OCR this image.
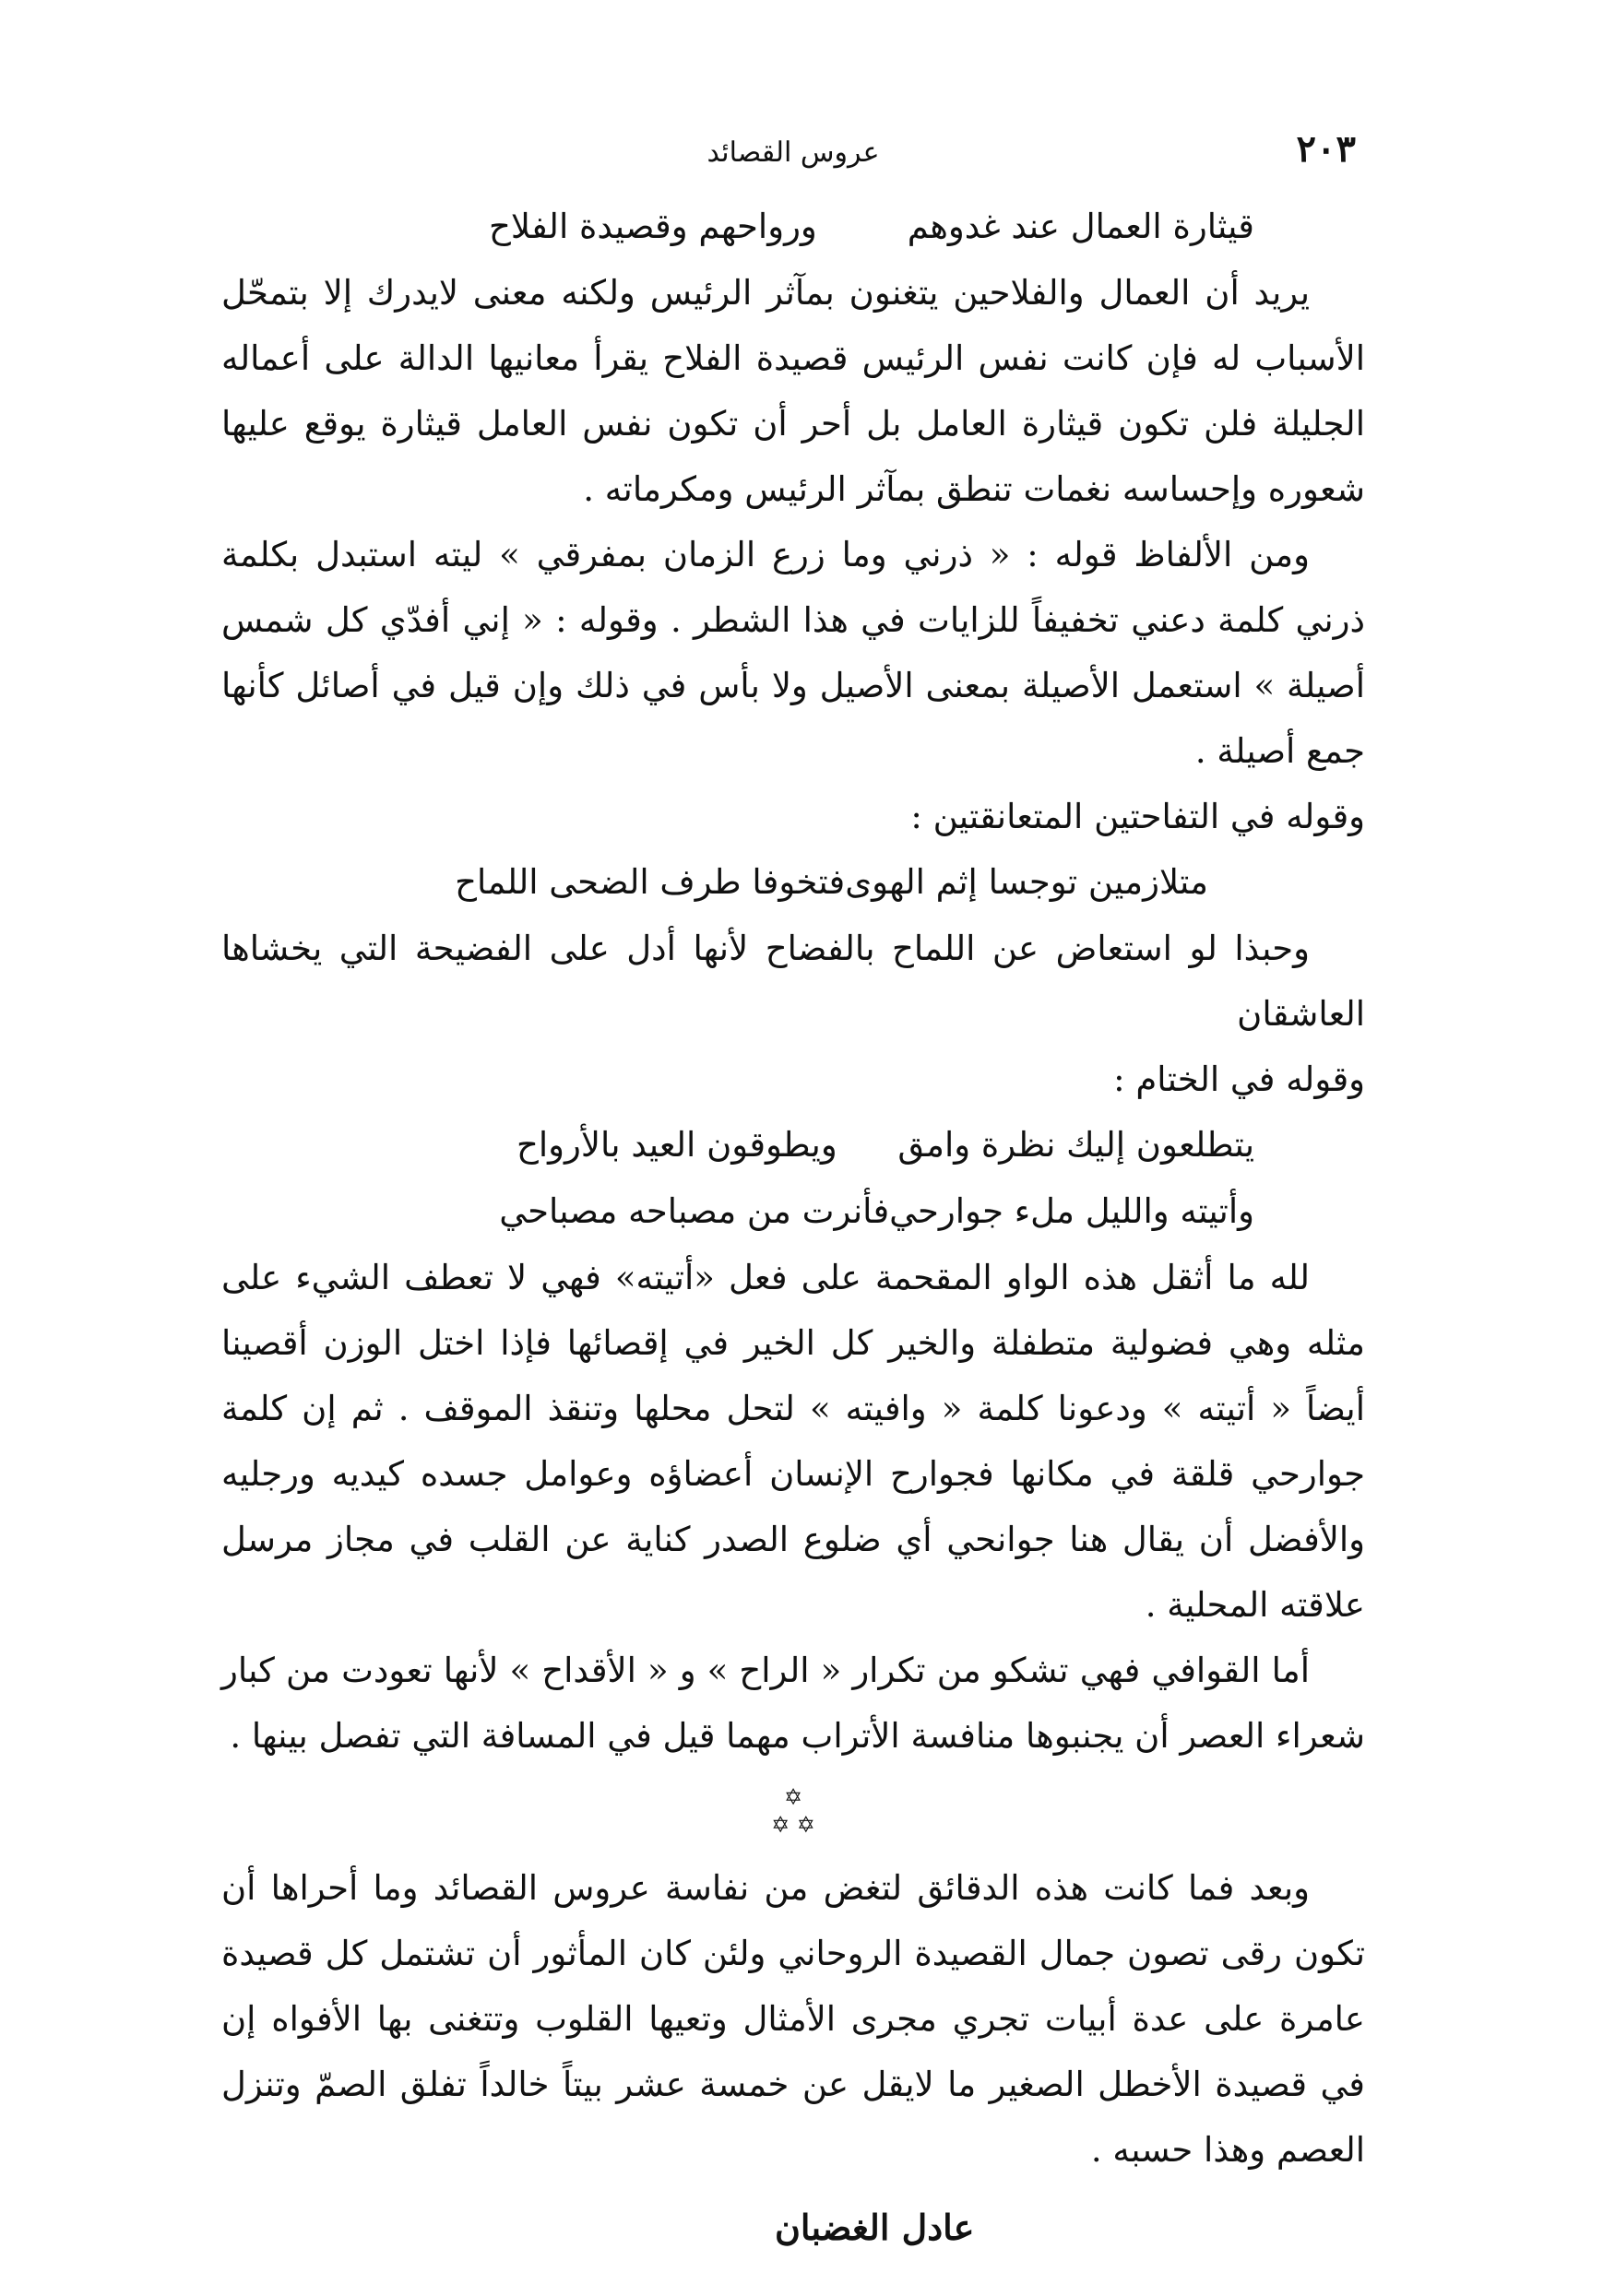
٢٠٣
عروس القصائد
قيثارة العمال عند غدوهم
ورواحهم وقصيدة الفلاح

يريد أن العمال والفلاحين يتغنون بمآثر الرئيس ولكنه معنى لايدرك إلا بتمحّل الأسباب له فإن كانت نفس الرئيس قصيدة الفلاح يقرأ معانيها الدالة على أعماله الجليلة فلن تكون قيثارة العامل بل أحر أن تكون نفس العامل قيثارة يوقع عليها شعوره وإحساسه نغمات تنطق بمآثر الرئيس ومكرماته .

ومن الألفاظ قوله : « ذرني وما زرع الزمان بمفرقي » ليته استبدل بكلمة ذرني كلمة دعني تخفيفاً للزايات في هذا الشطر . وقوله : « إني أفدّي كل شمس أصيلة » استعمل الأصيلة بمعنى الأصيل ولا بأس في ذلك وإن قيل في أصائل كأنها جمع أصيلة .

وقوله في التفاحتين المتعانقتين :

متلازمين توجسا إثم الهوى
فتخوفا طرف الضحى اللماح

وحبذا لو استعاض عن اللماح بالفضاح لأنها أدل على الفضيحة التي يخشاها العاشقان

وقوله في الختام :

يتطلعون إليك نظرة وامق
ويطوقون العيد بالأرواح
وأتيته والليل ملء جوارحي
فأنرت من مصباحه مصباحي

لله ما أثقل هذه الواو المقحمة على فعل «أتيته» فهي لا تعطف الشيء على مثله وهي فضولية متطفلة والخير كل الخير في إقصائها فإذا اختل الوزن أقصينا أيضاً « أتيته » ودعونا كلمة « وافيته » لتحل محلها وتنقذ الموقف . ثم إن كلمة جوارحي قلقة في مكانها فجوارح الإنسان أعضاؤه وعوامل جسده كيديه ورجليه والأفضل أن يقال هنا جوانحي أي ضلوع الصدر كناية عن القلب في مجاز مرسل علاقته المحلية .

أما القوافي فهي تشكو من تكرار « الراح » و « الأقداح » لأنها تعودت من كبار شعراء العصر أن يجنبوها منافسة الأتراب مهما قيل في المسافة التي تفصل بينها .

✡
✡ ✡

وبعد فما كانت هذه الدقائق لتغض من نفاسة عروس القصائد وما أحراها أن تكون رقى تصون جمال القصيدة الروحاني ولئن كان المأثور أن تشتمل كل قصيدة عامرة على عدة أبيات تجري مجرى الأمثال وتعيها القلوب وتتغنى بها الأفواه إن في قصيدة الأخطل الصغير ما لايقل عن خمسة عشر بيتاً خالداً تفلق الصمّ وتنزل العصم وهذا حسبه .

عادل الغضبان
